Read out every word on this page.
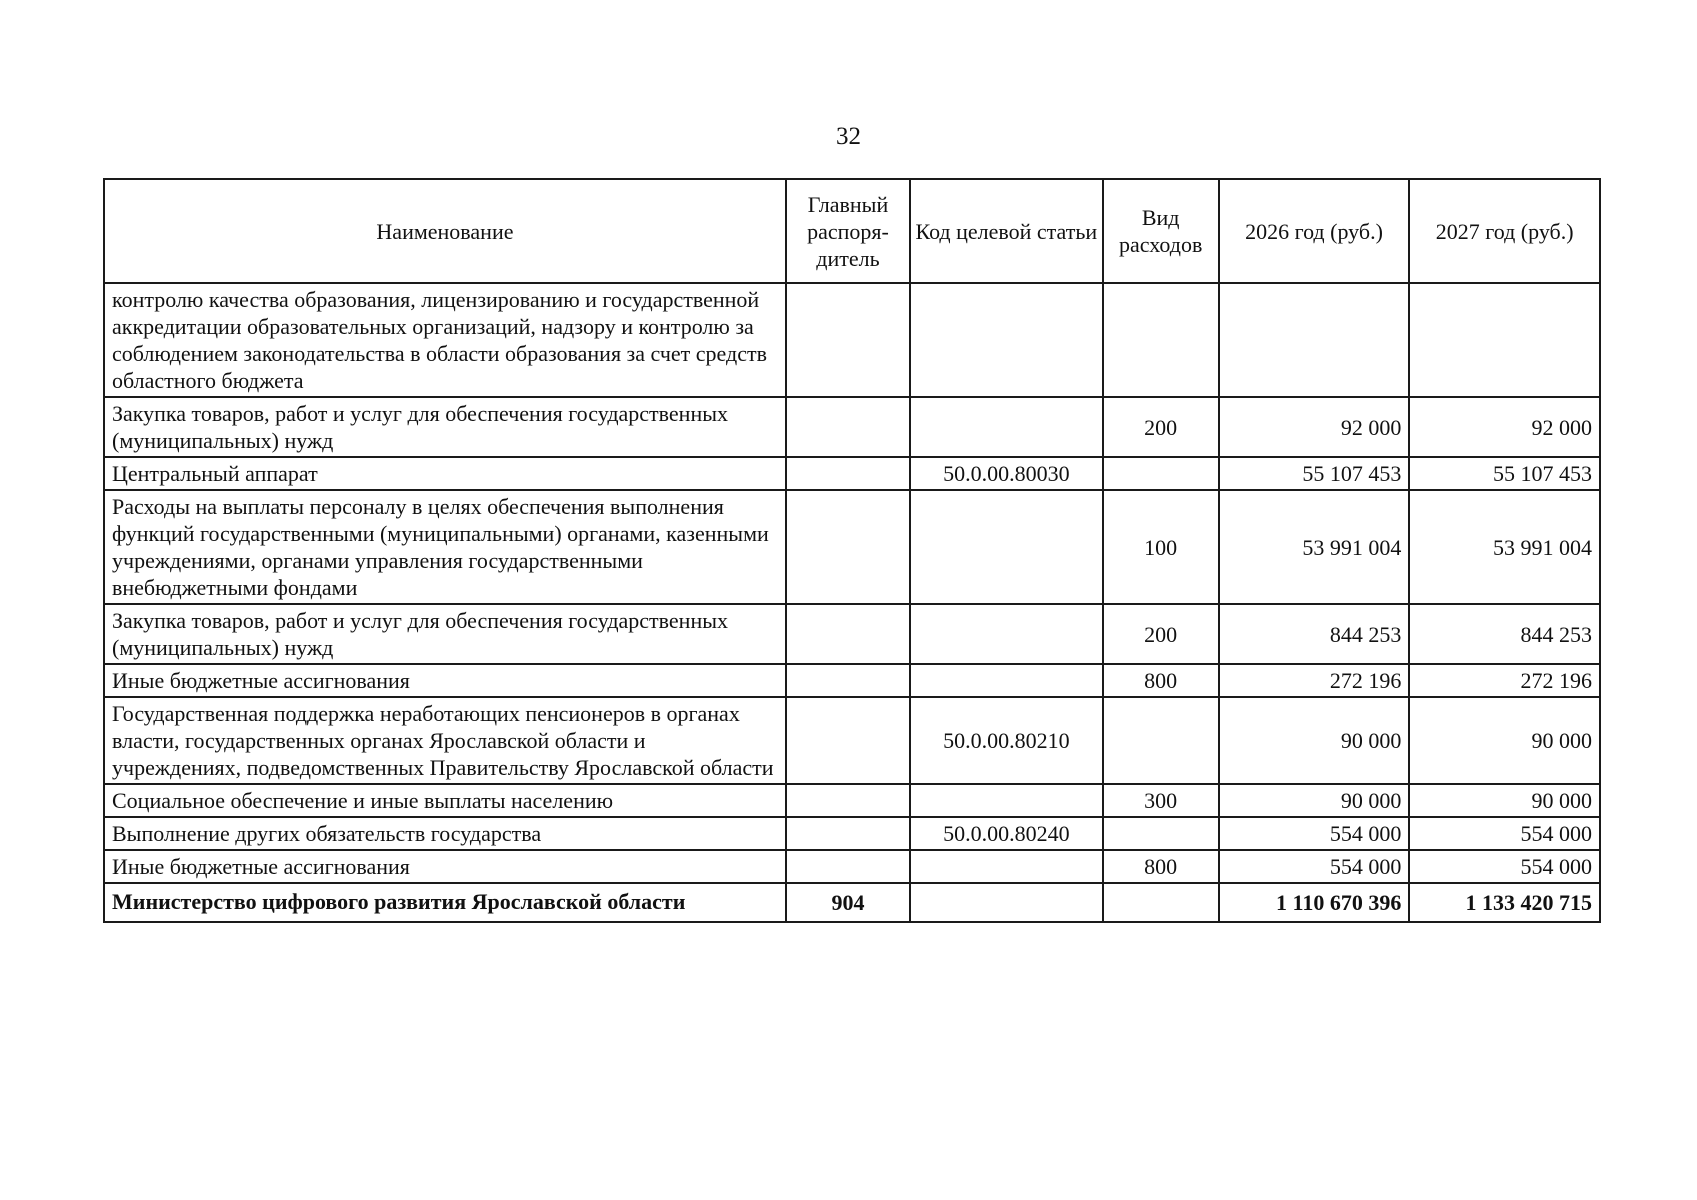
32
Наименование	Главный распоря-дитель	Код целевой статьи	Вид расходов	2026 год (руб.)	2027 год (руб.)
контролю качества образования, лицензированию и государственной аккредитации образовательных организаций, надзору и контролю за соблюдением законодательства в области образования за счет средств областного бюджета					
Закупка товаров, работ и услуг для обеспечения государственных (муниципальных) нужд			200	92 000	92 000
Центральный аппарат		50.0.00.80030		55 107 453	55 107 453
Расходы на выплаты персоналу в целях обеспечения выполнения функций государственными (муниципальными) органами, казенными учреждениями, органами управления государственными внебюджетными фондами			100	53 991 004	53 991 004
Закупка товаров, работ и услуг для обеспечения государственных (муниципальных) нужд			200	844 253	844 253
Иные бюджетные ассигнования			800	272 196	272 196
Государственная поддержка неработающих пенсионеров в органах власти, государственных органах Ярославской области и учреждениях, подведомственных Правительству Ярославской области		50.0.00.80210		90 000	90 000
Социальное обеспечение и иные выплаты населению			300	90 000	90 000
Выполнение других обязательств государства		50.0.00.80240		554 000	554 000
Иные бюджетные ассигнования			800	554 000	554 000
Министерство цифрового развития Ярославской области	904			1 110 670 396	1 133 420 715
